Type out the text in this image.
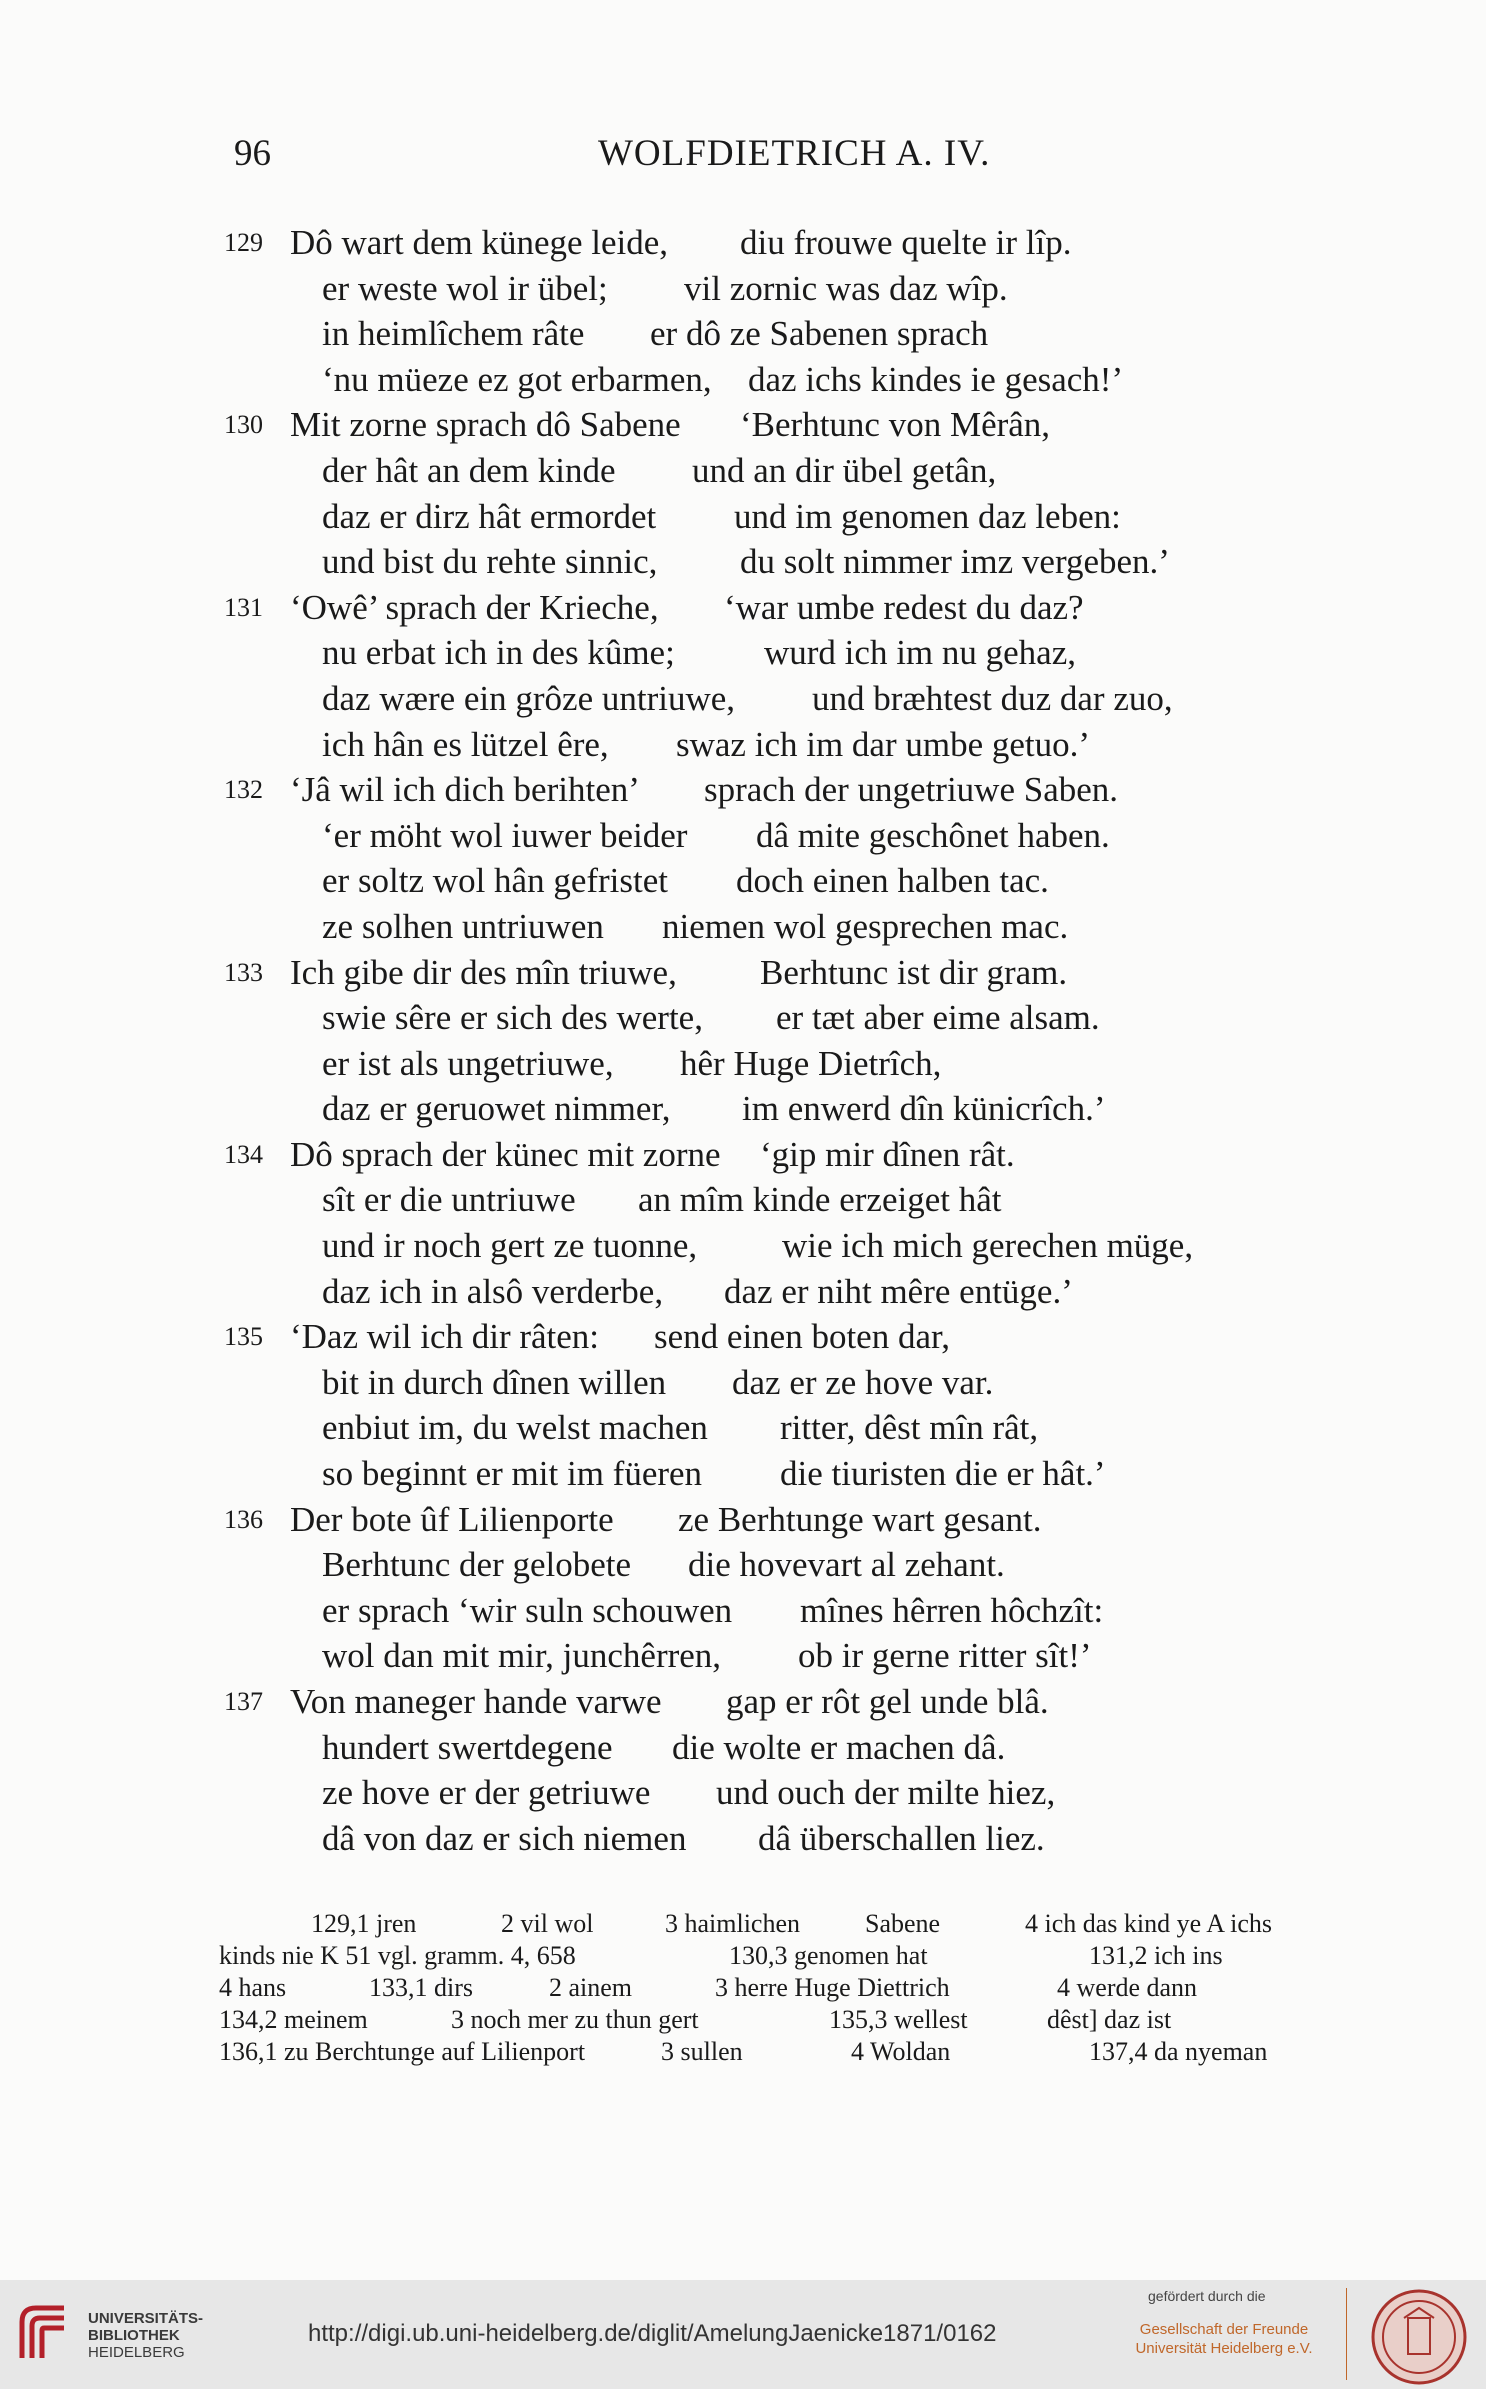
96	WOLFDIETRICH A. IV.
129 Dô wart dem künege leide, diu frouwe quelte ir lîp.
er weste wol ir übel; vil zornic was daz wîp.
in heimlîchem râte er dô ze Sabenen sprach
‘nu müeze ez got erbarmen, daz ichs kindes ie gesach!’
130 Mit zorne sprach dô Sabene ‘Berhtunc von Mêrân,
der hât an dem kinde und an dir übel getân,
daz er dirz hât ermordet und im genomen daz leben:
und bist du rehte sinnic, du solt nimmer imz vergeben.’
131 ‘Owê’ sprach der Krieche, ‘war umbe redest du daz?
nu erbat ich in des kûme;	wurd ich im nu gehaz,
daz wære ein grôze untriuwe, und bræhtest duz dar zuo,
ich hân es lützel êre, swaz ich im dar umbe getuo.’
132 ‘Jâ wil ich dich berihten’ sprach der ungetriuwe Saben.
‘er möht wol iuwer beider dâ mite geschônet haben.
er soltz wol hân gefristet doch einen halben tac.
ze solhen untriuwen niemen wol gesprechen mac.
133 Ich gibe dir des mîn triuwe, Berhtunc ist dir gram.
swie sêre er sich des werte, er tæt aber eime alsam.
er ist als ungetriuwe, hêr Huge Dietrîch,
daz er geruowet nimmer, im enwerd dîn künicrîch.’
134 Dô sprach der künec mit zorne ‘gip mir dînen rât.
sît er die untriuwe an mîm kinde erzeiget hât
und ir noch gert ze tuonne, wie ich mich gerechen müge,
daz ich in alsô verderbe, daz er niht mêre entüge.’
135 ‘Daz wil ich dir râten: send einen boten dar,
bit in durch dînen willen daz er ze hove var.
enbiut im, du welst machen ritter, dêst mîn rât,
so beginnt er mit im füeren die tiuristen die er hât.’
136 Der bote ûf Lilienporte ze Berhtunge wart gesant.
Berhtunc der gelobete die hovevart al zehant.
er sprach ‘wir suln schouwen mînes hêrren hôchzît:
wol dan mit mir, junchêrren, ob ir gerne ritter sît!’
137 Von maneger hande varwe gap er rôt gel unde blâ.
hundert swertdegene die wolte er machen dâ.
ze hove er der getriuwe und ouch der milte hiez,
dâ von daz er sich niemen dâ überschallen liez.
129,1 jren	2 vil wol	3 haimlichen Sabene	4 ich das kind ye A ichs
kinds nie K 51 vgl. gramm. 4, 658	130,3 genomen hat	131,2 ich ins
4 hans	133,1 dirs	2 ainem	3 herre Huge Diettrich	4 werde dann
134,2 meinem	3 noch mer zu thun gert	135,3 wellest	dêst] daz ist
136,1 zu Berchtunge auf Lilienport	3 sullen	4 Woldan	137,4 da nyeman
UNIVERSITÄTS-
BIBLIOTHEK
HEIDELBERG
http://digi.ub.uni-heidelberg.de/diglit/AmelungJaenicke1871/0162
gefördert durch die
Gesellschaft der Freunde
Universität Heidelberg e.V.
